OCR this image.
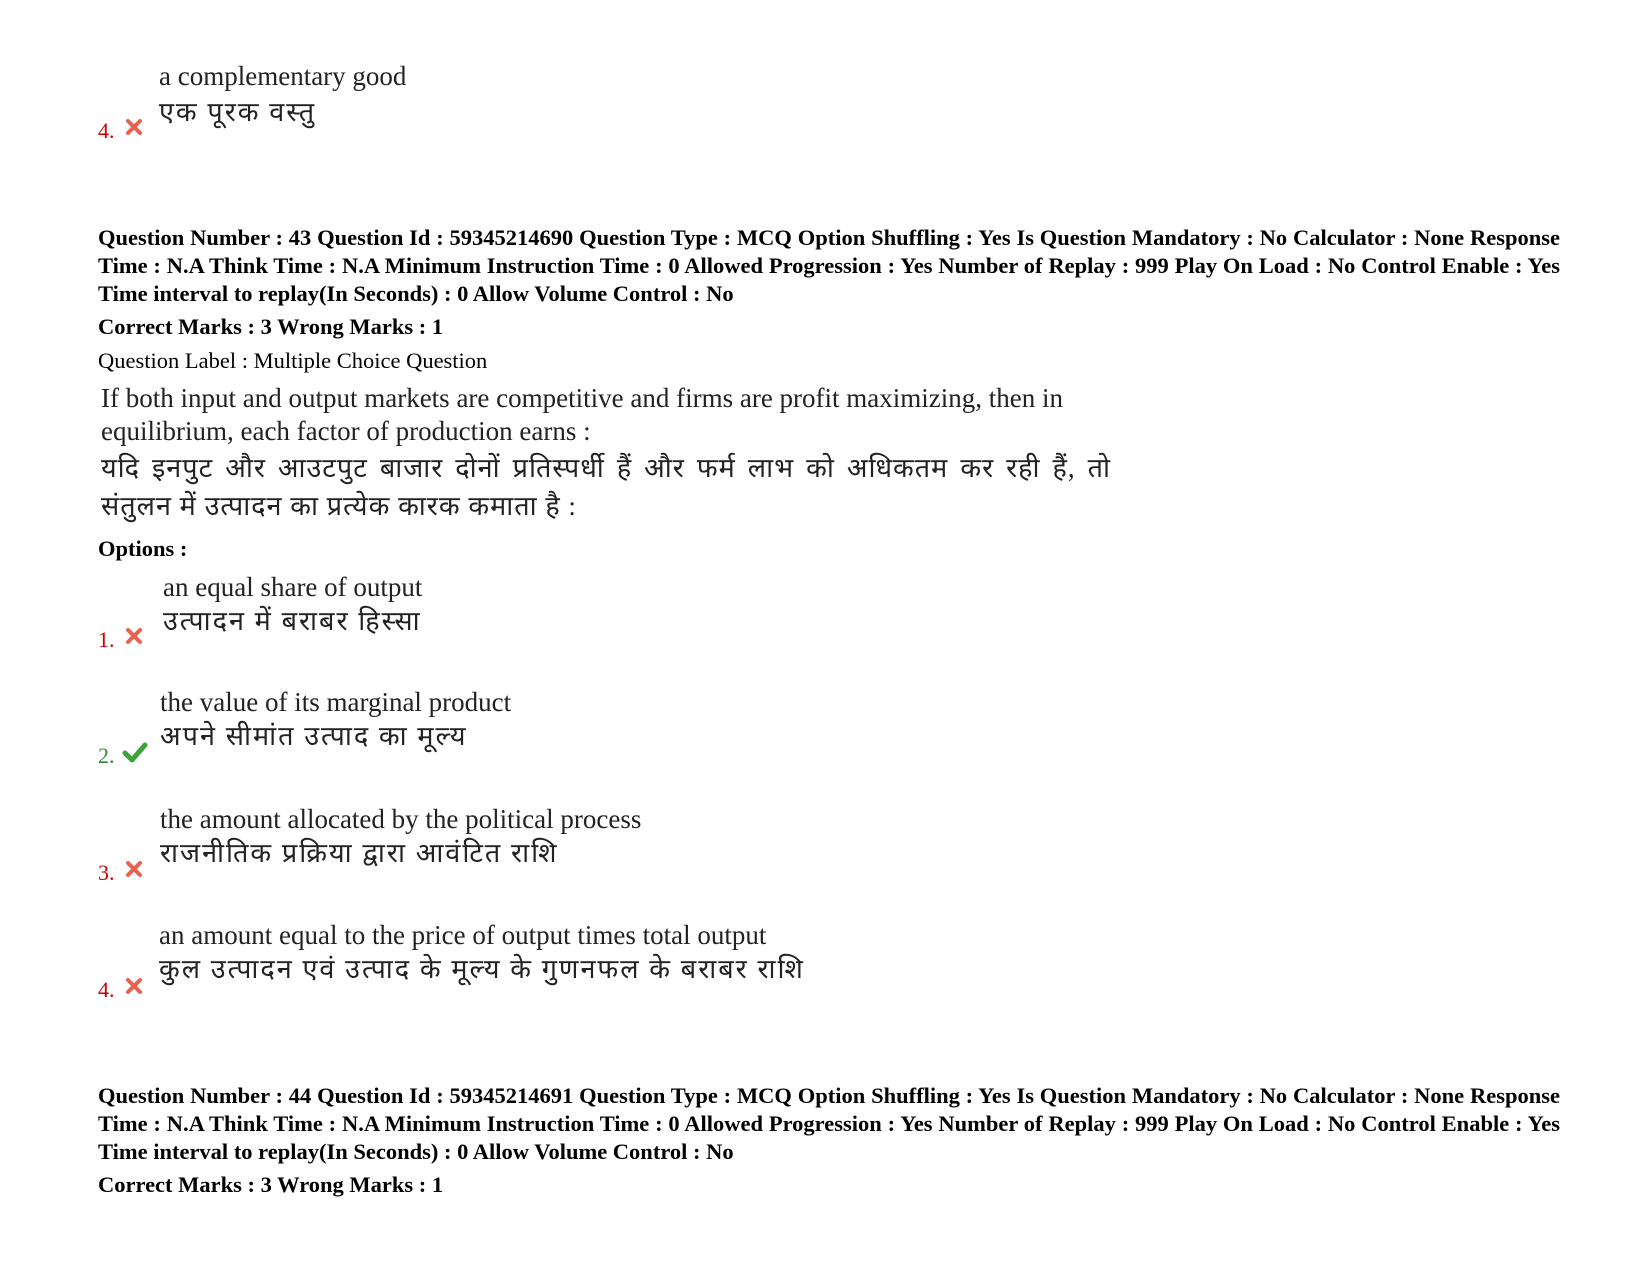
a complementary good
एक पूरक वस्तु
4.
Question Number : 43 Question Id : 59345214690 Question Type : MCQ Option Shuffling : Yes Is Question Mandatory : No Calculator : None Response Time : N.A Think Time : N.A Minimum Instruction Time : 0 Allowed Progression : Yes Number of Replay : 999 Play On Load : No Control Enable : Yes Time interval to replay(In Seconds) : 0 Allow Volume Control : No
Correct Marks : 3 Wrong Marks : 1
Question Label : Multiple Choice Question
If both input and output markets are competitive and firms are profit maximizing, then in equilibrium, each factor of production earns :
यदि इनपुट और आउटपुट बाजार दोनों प्रतिस्पर्धी हैं और फर्म लाभ को अधिकतम कर रही हैं, तो संतुलन में उत्पादन का प्रत्येक कारक कमाता है :
Options :
an equal share of output
उत्पादन में बराबर हिस्सा
1.
the value of its marginal product
अपने सीमांत उत्पाद का मूल्य
2.
the amount allocated by the political process
राजनीतिक प्रक्रिया द्वारा आवंटित राशि
3.
an amount equal to the price of output times total output
कुल उत्पादन एवं उत्पाद के मूल्य के गुणनफल के बराबर राशि
4.
Question Number : 44 Question Id : 59345214691 Question Type : MCQ Option Shuffling : Yes Is Question Mandatory : No Calculator : None Response Time : N.A Think Time : N.A Minimum Instruction Time : 0 Allowed Progression : Yes Number of Replay : 999 Play On Load : No Control Enable : Yes Time interval to replay(In Seconds) : 0 Allow Volume Control : No
Correct Marks : 3 Wrong Marks : 1
